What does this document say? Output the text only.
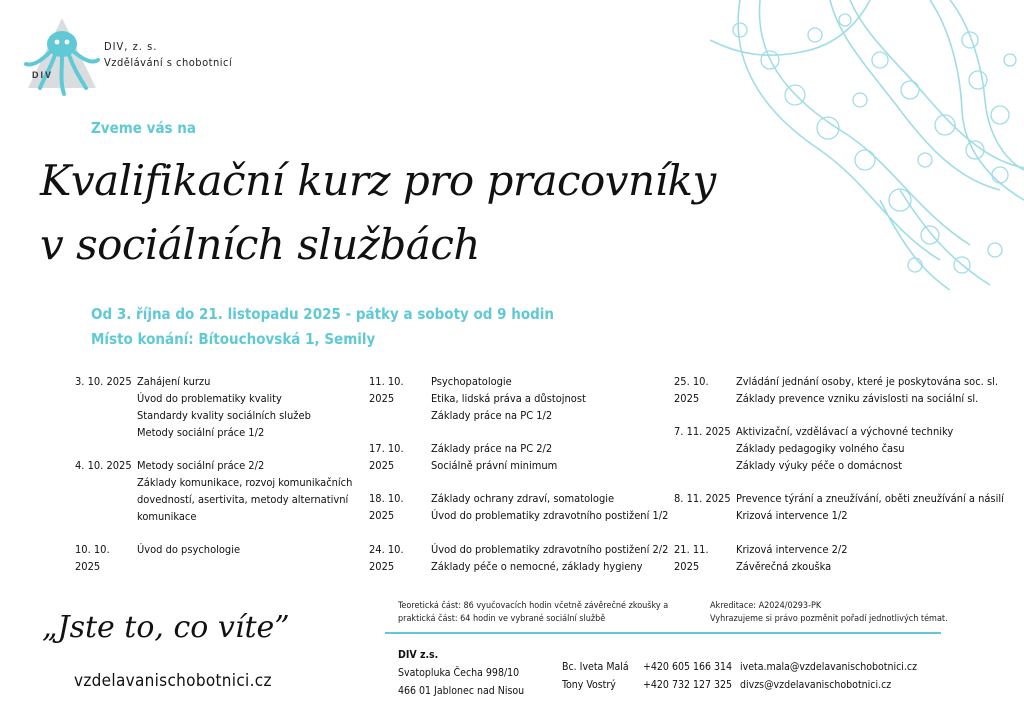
DIV
DIV, z. s.
Vzdělávání s chobotnicí
Zveme vás na
Kvalifikační kurz pro pracovníky
v sociálních službách
Od 3. října do 21. listopadu 2025 - pátky a soboty od 9 hodin
Místo konání: Bítouchovská 1, Semily
3. 10. 2025 Zahájení kurzu
Úvod do problematiky kvality
Standardy kvality sociálních služeb
Metody sociální práce 1/2
4. 10. 2025 Metody sociální práce 2/2
Základy komunikace, rozvoj komunikačních
dovedností, asertivita, metody alternativní
komunikace
10. 10. 2025
Úvod do psychologie
11. 10. 2025
Psychopatologie
Etika, lidská práva a důstojnost
Základy práce na PC 1/2
17. 10. 2025
Základy práce na PC 2/2
Sociálně právní minimum
18. 10. 2025
Základy ochrany zdraví, somatologie
Úvod do problematiky zdravotního postižení 1/2
24. 10. 2025
Úvod do problematiky zdravotního postižení 2/2
Základy péče o nemocné, základy hygieny
25. 10. 2025
Zvládání jednání osoby, které je poskytována soc. sl.
Základy prevence vzniku závislosti na sociální sl.
7. 11. 2025 Aktivizační, vzdělávací a výchovné techniky
Základy pedagogiky volného času
Základy výuky péče o domácnost
8. 11. 2025 Prevence týrání a zneužívání, oběti zneužívání a násilí
Krizová intervence 1/2
21. 11. 2025
Krizová intervence 2/2
Závěrečná zkouška
„Jste to, co víte”
vzdelavanischobotnici.cz
Teoretická část: 86 vyučovacích hodin včetně závěrečné zkoušky a
praktická část: 64 hodin ve vybrané sociální službě
Akreditace: A2024/0293-PK
Vyhrazujeme si právo pozměnit pořadí jednotlivých témat.
DIV z.s.
Svatopluka Čecha 998/10
466 01 Jablonec nad Nisou
Bc. Iveta Malá
Tony Vostrý
+420 605 166 314
+420 732 127 325
iveta.mala@vzdelavanischobotnici.cz
divzs@vzdelavanischobotnici.cz
